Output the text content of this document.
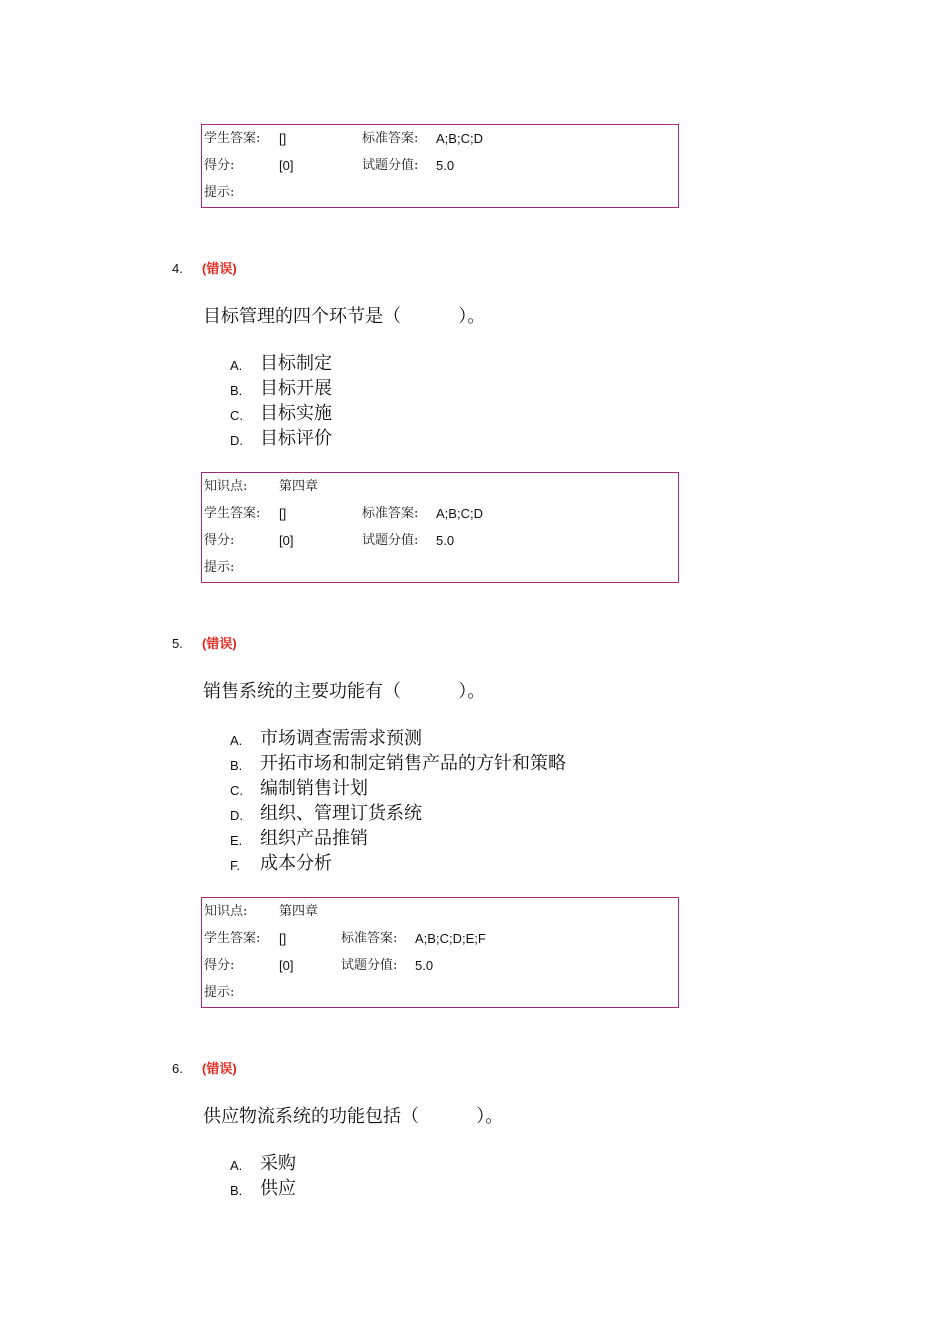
学生答案: []	标准答案: A;B;C;D
得分:	[0]	试题分值: 5.0
提示:
4. (错误)
目标管理的四个环节是（          ）。
A. 目标制定
B. 目标开展
C. 目标实施
D. 目标评价
知识点: 第四章
学生答案: []	标准答案: A;B;C;D
得分:	[0]	试题分值: 5.0
提示:
5. (错误)
销售系统的主要功能有（          ）。
A. 市场调查需需求预测
B. 开拓市场和制定销售产品的方针和策略
C. 编制销售计划
D. 组织、管理订货系统
E. 组织产品推销
F. 成本分析
知识点: 第四章
学生答案: []	标准答案: A;B;C;D;E;F
得分:	[0]	试题分值: 5.0
提示:
6. (错误)
供应物流系统的功能包括（          ）。
A. 采购
B. 供应
